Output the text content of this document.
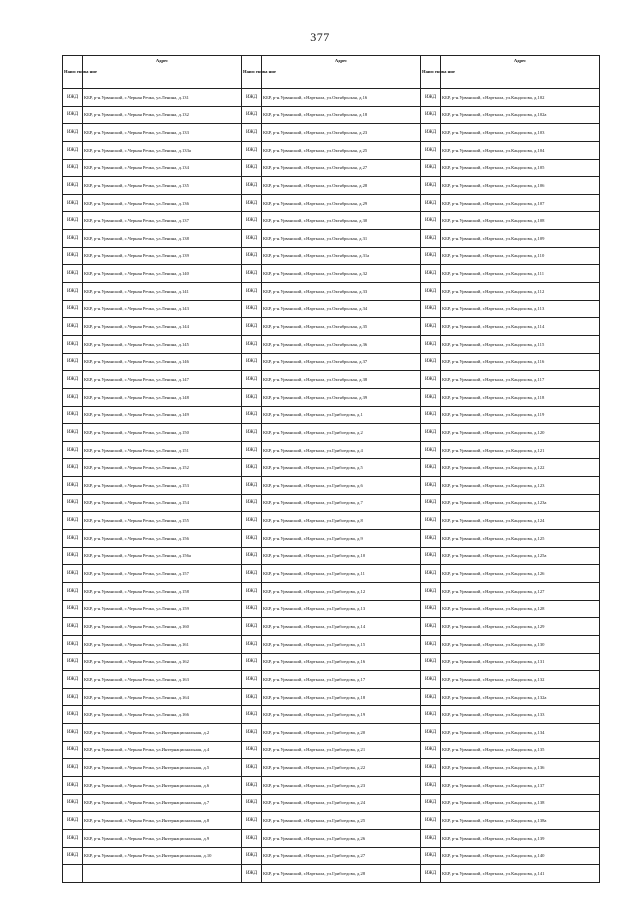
377
Наим енова ние	Адрес	Наим енова ние	Адрес	Наим енова ние	Адрес
ИЖД	КБР, р-н.Урванский, с.Черная Речка, ул.Ленина, д.131	ИЖД	КБР, р-н.Урванский, г.Нарткала, ул.Октябрьская, д.16	ИЖД	КБР, р-н.Урванский, г.Нарткала, ул.Кандохова, д.102
ИЖД	КБР, р-н.Урванский, с.Черная Речка, ул.Ленина, д.132	ИЖД	КБР, р-н.Урванский, г.Нарткала, ул.Октябрьская, д.18	ИЖД	КБР, р-н.Урванский, г.Нарткала, ул.Кандохова, д.102а
ИЖД	КБР, р-н.Урванский, с.Черная Речка, ул.Ленина, д.133	ИЖД	КБР, р-н.Урванский, г.Нарткала, ул.Октябрьская, д.23	ИЖД	КБР, р-н.Урванский, г.Нарткала, ул.Кандохова, д.103
ИЖД	КБР, р-н.Урванский, с.Черная Речка, ул.Ленина, д.133а	ИЖД	КБР, р-н.Урванский, г.Нарткала, ул.Октябрьская, д.25	ИЖД	КБР, р-н.Урванский, г.Нарткала, ул.Кандохова, д.104
ИЖД	КБР, р-н.Урванский, с.Черная Речка, ул.Ленина, д.134	ИЖД	КБР, р-н.Урванский, г.Нарткала, ул.Октябрьская, д.27	ИЖД	КБР, р-н.Урванский, г.Нарткала, ул.Кандохова, д.105
ИЖД	КБР, р-н.Урванский, с.Черная Речка, ул.Ленина, д.135	ИЖД	КБР, р-н.Урванский, г.Нарткала, ул.Октябрьская, д.28	ИЖД	КБР, р-н.Урванский, г.Нарткала, ул.Кандохова, д.106
ИЖД	КБР, р-н.Урванский, с.Черная Речка, ул.Ленина, д.136	ИЖД	КБР, р-н.Урванский, г.Нарткала, ул.Октябрьская, д.29	ИЖД	КБР, р-н.Урванский, г.Нарткала, ул.Кандохова, д.107
ИЖД	КБР, р-н.Урванский, с.Черная Речка, ул.Ленина, д.137	ИЖД	КБР, р-н.Урванский, г.Нарткала, ул.Октябрьская, д.30	ИЖД	КБР, р-н.Урванский, г.Нарткала, ул.Кандохова, д.108
ИЖД	КБР, р-н.Урванский, с.Черная Речка, ул.Ленина, д.138	ИЖД	КБР, р-н.Урванский, г.Нарткала, ул.Октябрьская, д.31	ИЖД	КБР, р-н.Урванский, г.Нарткала, ул.Кандохова, д.109
ИЖД	КБР, р-н.Урванский, с.Черная Речка, ул.Ленина, д.139	ИЖД	КБР, р-н.Урванский, г.Нарткала, ул.Октябрьская, д.31а	ИЖД	КБР, р-н.Урванский, г.Нарткала, ул.Кандохова, д.110
ИЖД	КБР, р-н.Урванский, с.Черная Речка, ул.Ленина, д.140	ИЖД	КБР, р-н.Урванский, г.Нарткала, ул.Октябрьская, д.32	ИЖД	КБР, р-н.Урванский, г.Нарткала, ул.Кандохова, д.111
ИЖД	КБР, р-н.Урванский, с.Черная Речка, ул.Ленина, д.141	ИЖД	КБР, р-н.Урванский, г.Нарткала, ул.Октябрьская, д.33	ИЖД	КБР, р-н.Урванский, г.Нарткала, ул.Кандохова, д.112
ИЖД	КБР, р-н.Урванский, с.Черная Речка, ул.Ленина, д.143	ИЖД	КБР, р-н.Урванский, г.Нарткала, ул.Октябрьская, д.34	ИЖД	КБР, р-н.Урванский, г.Нарткала, ул.Кандохова, д.113
ИЖД	КБР, р-н.Урванский, с.Черная Речка, ул.Ленина, д.144	ИЖД	КБР, р-н.Урванский, г.Нарткала, ул.Октябрьская, д.35	ИЖД	КБР, р-н.Урванский, г.Нарткала, ул.Кандохова, д.114
ИЖД	КБР, р-н.Урванский, с.Черная Речка, ул.Ленина, д.145	ИЖД	КБР, р-н.Урванский, г.Нарткала, ул.Октябрьская, д.36	ИЖД	КБР, р-н.Урванский, г.Нарткала, ул.Кандохова, д.115
ИЖД	КБР, р-н.Урванский, с.Черная Речка, ул.Ленина, д.146	ИЖД	КБР, р-н.Урванский, г.Нарткала, ул.Октябрьская, д.37	ИЖД	КБР, р-н.Урванский, г.Нарткала, ул.Кандохова, д.116
ИЖД	КБР, р-н.Урванский, с.Черная Речка, ул.Ленина, д.147	ИЖД	КБР, р-н.Урванский, г.Нарткала, ул.Октябрьская, д.38	ИЖД	КБР, р-н.Урванский, г.Нарткала, ул.Кандохова, д.117
ИЖД	КБР, р-н.Урванский, с.Черная Речка, ул.Ленина, д.148	ИЖД	КБР, р-н.Урванский, г.Нарткала, ул.Октябрьская, д.39	ИЖД	КБР, р-н.Урванский, г.Нарткала, ул.Кандохова, д.118
ИЖД	КБР, р-н.Урванский, с.Черная Речка, ул.Ленина, д.149	ИЖД	КБР, р-н.Урванский, г.Нарткала, ул.Грибоедова, д.1	ИЖД	КБР, р-н.Урванский, г.Нарткала, ул.Кандохова, д.119
ИЖД	КБР, р-н.Урванский, с.Черная Речка, ул.Ленина, д.150	ИЖД	КБР, р-н.Урванский, г.Нарткала, ул.Грибоедова, д.2	ИЖД	КБР, р-н.Урванский, г.Нарткала, ул.Кандохова, д.120
ИЖД	КБР, р-н.Урванский, с.Черная Речка, ул.Ленина, д.151	ИЖД	КБР, р-н.Урванский, г.Нарткала, ул.Грибоедова, д.4	ИЖД	КБР, р-н.Урванский, г.Нарткала, ул.Кандохова, д.121
ИЖД	КБР, р-н.Урванский, с.Черная Речка, ул.Ленина, д.152	ИЖД	КБР, р-н.Урванский, г.Нарткала, ул.Грибоедова, д.5	ИЖД	КБР, р-н.Урванский, г.Нарткала, ул.Кандохова, д.122
ИЖД	КБР, р-н.Урванский, с.Черная Речка, ул.Ленина, д.153	ИЖД	КБР, р-н.Урванский, г.Нарткала, ул.Грибоедова, д.6	ИЖД	КБР, р-н.Урванский, г.Нарткала, ул.Кандохова, д.123
ИЖД	КБР, р-н.Урванский, с.Черная Речка, ул.Ленина, д.154	ИЖД	КБР, р-н.Урванский, г.Нарткала, ул.Грибоедова, д.7	ИЖД	КБР, р-н.Урванский, г.Нарткала, ул.Кандохова, д.123а
ИЖД	КБР, р-н.Урванский, с.Черная Речка, ул.Ленина, д.155	ИЖД	КБР, р-н.Урванский, г.Нарткала, ул.Грибоедова, д.8	ИЖД	КБР, р-н.Урванский, г.Нарткала, ул.Кандохова, д.124
ИЖД	КБР, р-н.Урванский, с.Черная Речка, ул.Ленина, д.156	ИЖД	КБР, р-н.Урванский, г.Нарткала, ул.Грибоедова, д.9	ИЖД	КБР, р-н.Урванский, г.Нарткала, ул.Кандохова, д.125
ИЖД	КБР, р-н.Урванский, с.Черная Речка, ул.Ленина, д.156а	ИЖД	КБР, р-н.Урванский, г.Нарткала, ул.Грибоедова, д.10	ИЖД	КБР, р-н.Урванский, г.Нарткала, ул.Кандохова, д.125а
ИЖД	КБР, р-н.Урванский, с.Черная Речка, ул.Ленина, д.157	ИЖД	КБР, р-н.Урванский, г.Нарткала, ул.Грибоедова, д.11	ИЖД	КБР, р-н.Урванский, г.Нарткала, ул.Кандохова, д.126
ИЖД	КБР, р-н.Урванский, с.Черная Речка, ул.Ленина, д.158	ИЖД	КБР, р-н.Урванский, г.Нарткала, ул.Грибоедова, д.12	ИЖД	КБР, р-н.Урванский, г.Нарткала, ул.Кандохова, д.127
ИЖД	КБР, р-н.Урванский, с.Черная Речка, ул.Ленина, д.159	ИЖД	КБР, р-н.Урванский, г.Нарткала, ул.Грибоедова, д.13	ИЖД	КБР, р-н.Урванский, г.Нарткала, ул.Кандохова, д.128
ИЖД	КБР, р-н.Урванский, с.Черная Речка, ул.Ленина, д.160	ИЖД	КБР, р-н.Урванский, г.Нарткала, ул.Грибоедова, д.14	ИЖД	КБР, р-н.Урванский, г.Нарткала, ул.Кандохова, д.129
ИЖД	КБР, р-н.Урванский, с.Черная Речка, ул.Ленина, д.161	ИЖД	КБР, р-н.Урванский, г.Нарткала, ул.Грибоедова, д.15	ИЖД	КБР, р-н.Урванский, г.Нарткала, ул.Кандохова, д.130
ИЖД	КБР, р-н.Урванский, с.Черная Речка, ул.Ленина, д.162	ИЖД	КБР, р-н.Урванский, г.Нарткала, ул.Грибоедова, д.16	ИЖД	КБР, р-н.Урванский, г.Нарткала, ул.Кандохова, д.131
ИЖД	КБР, р-н.Урванский, с.Черная Речка, ул.Ленина, д.163	ИЖД	КБР, р-н.Урванский, г.Нарткала, ул.Грибоедова, д.17	ИЖД	КБР, р-н.Урванский, г.Нарткала, ул.Кандохова, д.132
ИЖД	КБР, р-н.Урванский, с.Черная Речка, ул.Ленина, д.164	ИЖД	КБР, р-н.Урванский, г.Нарткала, ул.Грибоедова, д.18	ИЖД	КБР, р-н.Урванский, г.Нарткала, ул.Кандохова, д.132а
ИЖД	КБР, р-н.Урванский, с.Черная Речка, ул.Ленина, д.166	ИЖД	КБР, р-н.Урванский, г.Нарткала, ул.Грибоедова, д.19	ИЖД	КБР, р-н.Урванский, г.Нарткала, ул.Кандохова, д.133
ИЖД	КБР, р-н.Урванский, с.Черная Речка, ул.Интернациональная, д.2	ИЖД	КБР, р-н.Урванский, г.Нарткала, ул.Грибоедова, д.20	ИЖД	КБР, р-н.Урванский, г.Нарткала, ул.Кандохова, д.134
ИЖД	КБР, р-н.Урванский, с.Черная Речка, ул.Интернациональная, д.4	ИЖД	КБР, р-н.Урванский, г.Нарткала, ул.Грибоедова, д.21	ИЖД	КБР, р-н.Урванский, г.Нарткала, ул.Кандохова, д.135
ИЖД	КБР, р-н.Урванский, с.Черная Речка, ул.Интернациональная, д.5	ИЖД	КБР, р-н.Урванский, г.Нарткала, ул.Грибоедова, д.22	ИЖД	КБР, р-н.Урванский, г.Нарткала, ул.Кандохова, д.136
ИЖД	КБР, р-н.Урванский, с.Черная Речка, ул.Интернациональная, д.6	ИЖД	КБР, р-н.Урванский, г.Нарткала, ул.Грибоедова, д.23	ИЖД	КБР, р-н.Урванский, г.Нарткала, ул.Кандохова, д.137
ИЖД	КБР, р-н.Урванский, с.Черная Речка, ул.Интернациональная, д.7	ИЖД	КБР, р-н.Урванский, г.Нарткала, ул.Грибоедова, д.24	ИЖД	КБР, р-н.Урванский, г.Нарткала, ул.Кандохова, д.138
ИЖД	КБР, р-н.Урванский, с.Черная Речка, ул.Интернациональная, д.8	ИЖД	КБР, р-н.Урванский, г.Нарткала, ул.Грибоедова, д.25	ИЖД	КБР, р-н.Урванский, г.Нарткала, ул.Кандохова, д.138а
ИЖД	КБР, р-н.Урванский, с.Черная Речка, ул.Интернациональная, д.9	ИЖД	КБР, р-н.Урванский, г.Нарткала, ул.Грибоедова, д.26	ИЖД	КБР, р-н.Урванский, г.Нарткала, ул.Кандохова, д.139
ИЖД	КБР, р-н.Урванский, с.Черная Речка, ул.Интернациональная, д.10	ИЖД	КБР, р-н.Урванский, г.Нарткала, ул.Грибоедова, д.27	ИЖД	КБР, р-н.Урванский, г.Нарткала, ул.Кандохова, д.140
		ИЖД	КБР, р-н.Урванский, г.Нарткала, ул.Грибоедова, д.28	ИЖД	КБР, р-н.Урванский, г.Нарткала, ул.Кандохова, д.141
